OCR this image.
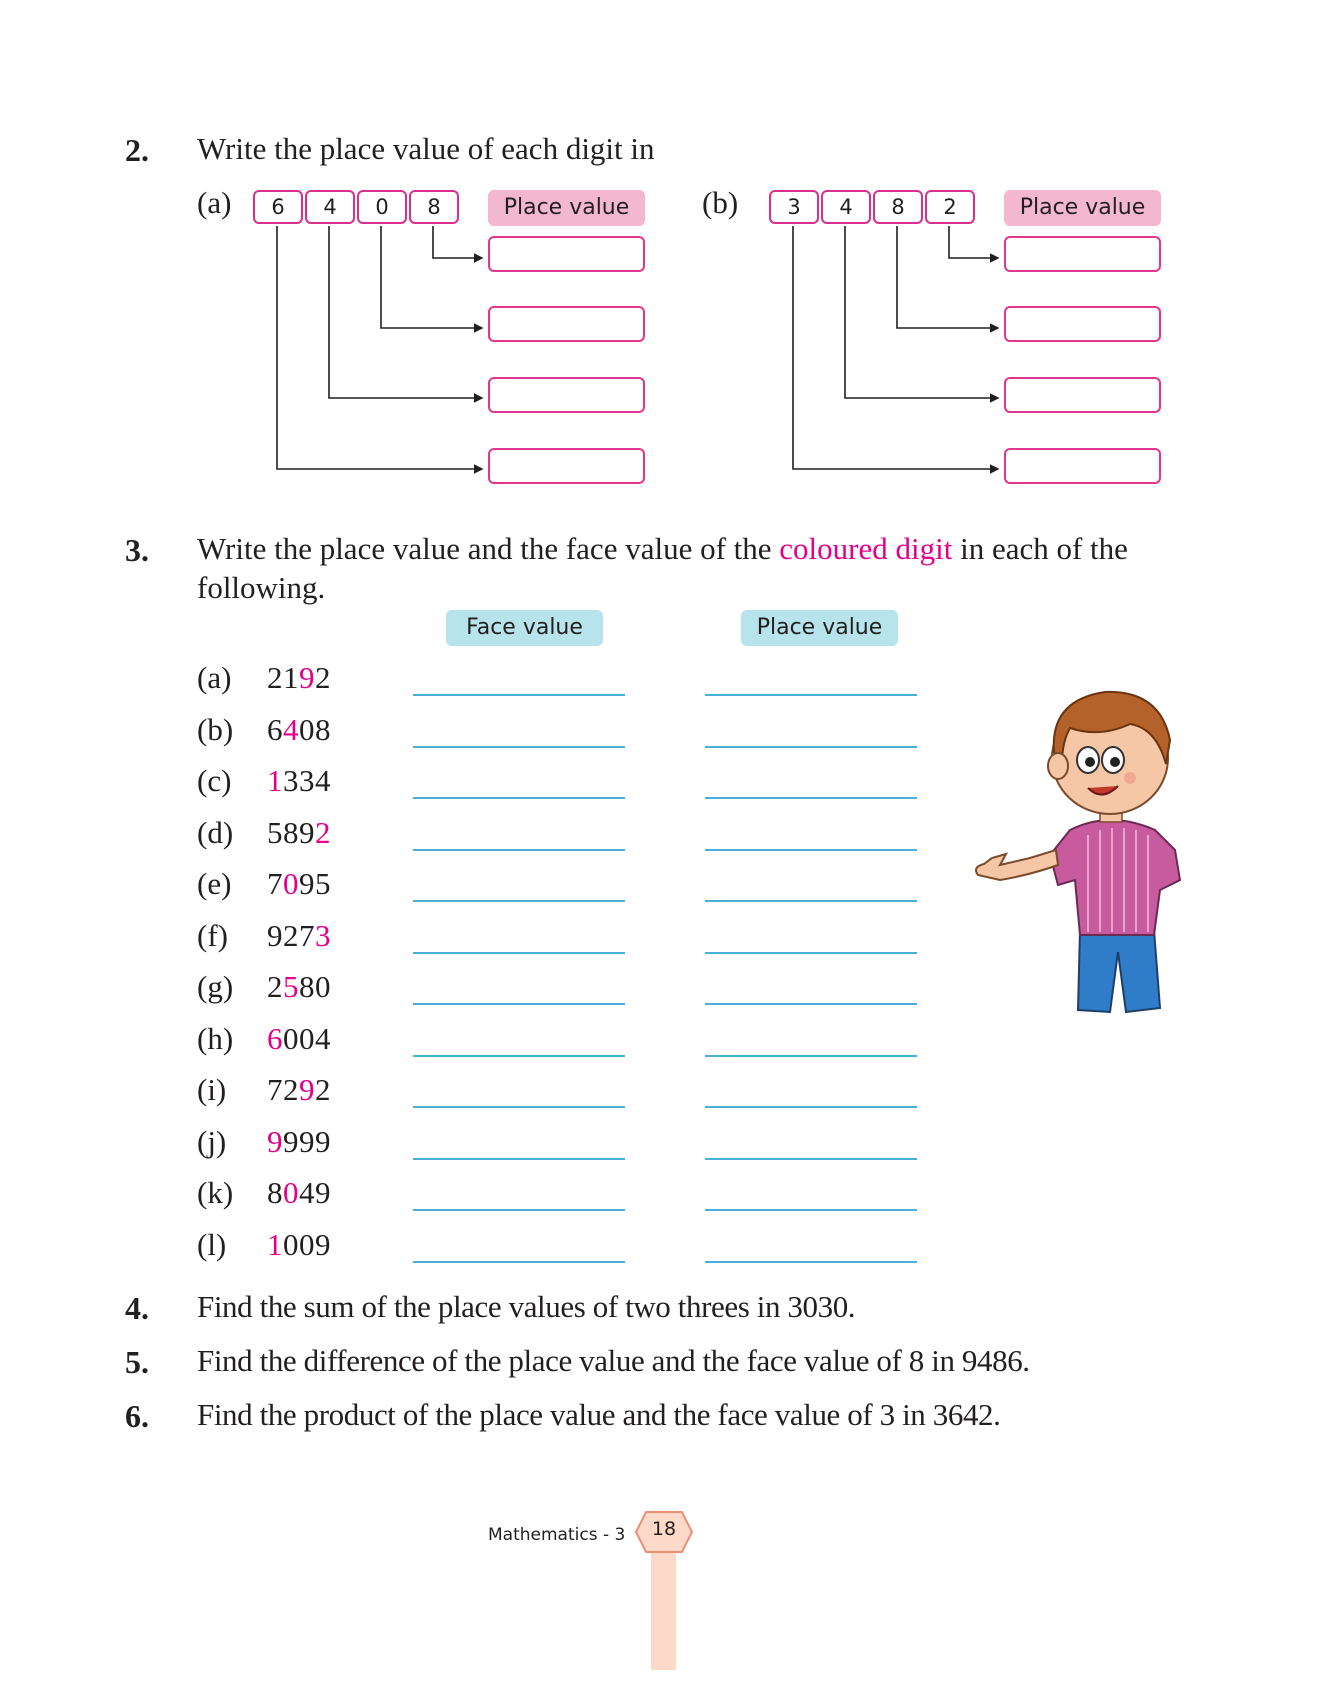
2. Write the place value of each digit in
(a)	6	4	0	8	Place value	(b)	3	4	8	2	Place value
3. Write the place value and the face value of the coloured digit in each of the
following.
Face value	Place value
(a) 2192
(b) 6408
(c) 1334
(d) 5892
(e) 7095
(f) 9273
(g) 2580
(h) 6004
(i) 7292
(j) 9999
(k) 8049
(l) 1009
4. Find the sum of the place values of two threes in 3030.
5. Find the difference of the place value and the face value of 8 in 9486.
6. Find the product of the place value and the face value of 3 in 3642.
Mathematics - 3	18
